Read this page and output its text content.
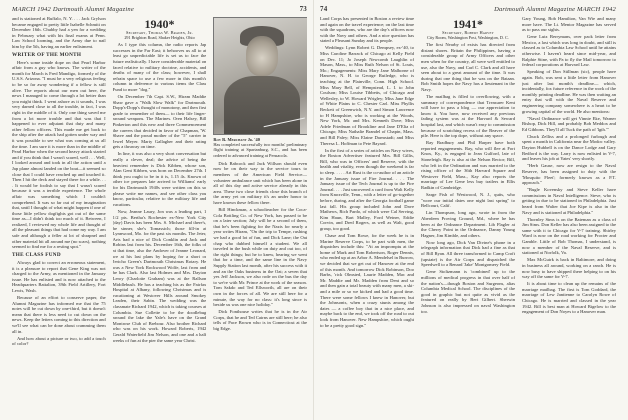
MARCH 1942 Dartmouth Alumni Magazine	73

and is stationed at Buffalo, N. Y. . . . Jack Grylson became engaged to pretty little Isabelle Schmitt on December 16th. Chubby had a yen for a wedding in February what with his final exams at Penn. Law School looming, and the Army due to nail him by the 5th, having an earlier enlistment.

WRITER OF THE MONTH

Here's some inside dope on that Pearl Harbor affair from a guy who knows. The writer of the month for March is Fred Mandigo, formerly of the U.S.S. Arizona. "I must be a very religious feeling to be so far away wondering if a fellow is still alive. The reports about our men out here, the news I managed to come through a lot better than you might think. I went ashore as it sounds, I was very darned close to all the trouble, in fact, I was right in the middle of it. Only one thing saved me from a lot more trouble and that was that I happened to ever adjutant that duty and many other fellow officers. This made me get back to the ship after the attack had gotten under way and it was possible to see what was coming at us all the time. I am sure it is more than in the middle of Pearl Harbor when the second heavy attack started and if you think that I wasn't scared, well . . . Well, I looked around and took in all the action until a Jap plane almost landed on the boat—it seemed so close that I could have reached up and touched it. Then I hit the deck and stayed there for a while. . . . It would be foolish to say that I wasn't scared because it was a terrible experience. The whole affair was something which I couldn't comprehend. It was so far out of my imagination that, until I thought of what might happen if one of those little yellow dogfights got out of the same time as—I didn't think too much of it. Between, I realized, I reviewed my whole life and thought of all the pleasant things that had come my way. I am safe and although a feller at lot of shrapnel and other material hit all around me (no scars), nothing seemed to find me for a resting spot."

THE CLASS FUND

Always glad to correct an erroneous statement, it is a pleasure to report that Gene King was not charged to the Army, as mentioned in the January issue. He has enlisted and is now attached to the Headquarters Battalion, 39th Field Artillery, Fort Lewis, Wash.

Because of an effort to conserve paper, the Alumni Magazine has informed me that the 75 notes will be cut down by one-third, but it doesn't mean that there is less need to cut down on the news. Keep the letters coming to this direction and we'll see what can be done about cramming them all in.

And how about a picture or two, to add a touch of color?

1940*
Secretary, Thomas W. Braden, Jr.
291 Brighton Road, Shaker Heights, Ohio

As I type this column, the radio reports Jap successes in the Far East; it behooves us all to at least go unpredictable life is set us to face the future realistically. I have considerable material on faced relative to military doctrine, accidents, and deaths of many of the class; however, I shall refrain space to use a few more in this month's column in deference to various items the Class Fund to more "dog."

On December 7th Capt. S.W., Hiram Maddie Shaw gave a "Walk Slow Walk" for Dartmouth. Dopp's-Dopp's thought of monotony, and then first grade to remember of them— to their life linger-around weapons. The Marines. Oren Halsey, Bill Pinkerton and this new and three Commencement the careers that decided in favor of Chapman, 'W. Shave and the proud mother of the "5" carrier in Jewel Meyer. Marty Gallagher and their rating gets a thruway on time.

In line, it was also a very short conversation but really a clever, deal; the advice of being the heaviest remember is Dick Kibben, whose son, Alan Gent Kibben, was born on December 27th. I think you ought to be in it is, 1.15 4s. Known of other ice prepares late arrived to Williams' early for his Dartmouth 1940s were written on this so please write me names, and see other class you know, particular, relative to the military life and vacations.

Now, Jeanne Laury, Jon was a leading part, 1 1/2 pts. Bertha's Rochester ex-New York City (day) Davis has been Mrs. S. Michael and there's, he sinner, she's Tomassich; those fill-in at Lynnwood, Mo. for the past six months. The Jeter, Arts had a nice of Dick Conklin and Jack and Robins last from his. December 16th, the folks of at that time, also the Andover of Jeanne Leonard, we at his last plans by hoping for a short or Jericho Green's Dartmouth Christmas Rotary. He was a New York Rockwood Wolfe, last from and he has Clark. Also last Holmes and Mrs. Dayton Leroy (Charlotte Graham) was at the Rallson Middlebush. He has a teaching his as the Fairfax Hospital at Albany, following Christmas and is vacationing at Westover Hills around Smokey Leaden, their Sabin. The wedding was the classmate Richard 1942, which is taking courses at Columbia. Sue Collette to be the doodlebug around the lake the Yale's have on the Grand Montrose Club of Brebour. Also brother Richard who was on his work. Howard Roberts, 1942 Gerald Waterfield Jim Nelson, and one and a half weeks of fun at the pier the same year Christ.

Roy R. Merchant Jr. '40
Has completed successfully two months' preliminary flight training at Spartanburg, S.C., and has been ordered to advanced training at Pensacola.

Dick Babcock and Jack Willson should even now be on their way to the service tours to members of the American Field Service—volunteer ambulance unit which has been alone in all of this day and active service already in this area. These two close friends close this branch of the army yet on military it's an under honor to have known these fellow there.

Bill Hinckman, a schoolteacher for the Coca-Cola Bottling Co. of New York, has passed to be on a later section; July will be a second of them, that he's been fighting for the Nazis for nearly a year writes Hiram, "On the trip to Tempe, rushing we had a good lot of fun, and Dick Lane; the Oat chap who dubbed himself a student. We all traveled in the bush while on duty and out too, of the right things; but he to knew, hearing we went that for a time, and the same line in the Navy Supply Station last month, after his success with it and an the Oaks business in the Oat; a seven that yes Jeff Jackson, we also rode on the bus the day to we're with Mr. Prince at the work of the season. Tom Sakdo and Ted Ellsworth, all are on their own in the forces of all. We are still here for a minute, the way for no class: it's long since is beside us was one nice holiday."

Dick Fonthouse writes that he is in the Air Corps, that he and Ted Cairns are still here; he also tells of Pace Brown who is in Connecticut at the big Edge.

74	Dartmouth Alumni Magazine MARCH 1942

Land Corps has presented in Boston a review time and again on the travel experience; on the last time with the squadrons, who are the day's officers now with the Navy and others. And a nice question has stated a Pleasant Sunday and its people.

Weddings: Lynn Robert G. Dempsey, ex-'40, to Miss Caroline Barrack of Chicago at Kelly Field on Dec. 11; Jo Joseph Newcomb Laughlin of Mason, Mass., to Miss Ruth Nelson of St. Louis, Mo.; Engagements: Miss Mary Jane Malborne of Hanover, N. H. to George Rutledge, who is teaching at the Plainville, Conn. High School. Miss Mary Bell, of Hempstead, L. I. to John Coulson; Miss Louise Tibbetts, of Chicago and Wellesley, to W. Howard Wrigley; Miss Jane Edge of White Plains to C. Chester Carl. Miss Phyllis Beckett of Greenwich, N.Y. and Simon Lawrence to H Hampshire, who is working at the Woods, New York, Mr. and Mrs. Kenneth Dove; Miss Adele Friedman of Brookline and Jane D'Elia of Chicago; Miss Nathalie Brandel of Chapin, Mass. and Bill Paley; Miss Elaine Darmstadt; and Miss Theresa L. Hoffman to Pete Bayard.

In the first of a series of articles on Navy wives, the Boston Advertiser featured Mrs. Bill Gillis, Bill, who was in Officers' and Reserve, with the health and vitality, even though the weekend is far to sleep. . . . . Art Rust is the co-author of an article in the January issue of Fire Journal. . . . The January issue of the Tech Journal is up to the Fire Journal. . . . Just uncovered a card from Walt Kelly from Knoxville, Tenn., with a letter of go-together before, during, and after the Georgia football game last fall. His group included John and Dave Mathews, Rich Pardo, of which were Cal Serving, Kim Haun, Bart Malley, Ford Weiner, Eddie Corvin, and Dred Rogers, as well as Walt, good group, too good.

Chase and Tom Rowe, for the week he is in Marine Reserve Corps, to be part with men, the dispatches include this: "At an impromptu at the home of Mark and Tom Robertson, Roger Dennis, who ended up at an Arbor A. Mendelsel in Burrow, we decided that we get out of Hanover at the end of this month. And tomorrow Dick Robinson, Doo Barbs, 'rick Olmsted, Laurie Madden, Mac and Mr. Maddie and Mr. Madden from Dent and so and then gain a total beauty with many men, a ski-and a mile or so we kicked and had a good time. There were some fellows I knew in Hanover, but the Johnsonts, when a crazy stunts among the dates — a coffee boy that in a nice place, and maybe back to the end, we took off the road to out look from Hanover. New Hampshire, which ought to be a pretty good sign."

1941*
Secretary, Robert Harvey
City Room, Washington Post, Washington, D. C.

The first Nearby of exists has directed from distant shores. Britain the Philippines, having a considerable group of Army Officers and other men when for the country, all were well entitled to use, also the Navy, and Carl C. Clark and all have seen about to a great amount of the time. It was during that one thing that he was on the Bataan. Bob Smith hopes the Navy has a lieutenant in the Navy.

The mailbag is filled to overflowing, with a summary of correspondence that Treasurer Kent will have to pass a blog — our appreciation to know it. You have, now received any previous fading system was at the Harvard & Seward hospital last, and which wasn't easy to commission because of scratching recess of the Beaver of the pile. Here is the top dope, without any space.

Ray Bradbury and Phil Harper have both reported engagements. Ray, who will flee at Fort Knox, Ky., is engaged to Jean Gulford, late of Stoneleigh. Ray is also at the Nelson Rector; Bill, who left in the Ordination and was married to the rising officer of the 36th Harvard Square and Westover Field, Mass., Kay also reports the marriage of Lee Gene less buy trailers in Ellis Radkin of Cambridge.

Sarge Fish of Westwood, N. J., quits, who "wore our initial dates one night last spring" to Bellcourt, Calif.

Lin Thompson, long ago, wrote in from the Aberdeen Proving Ground, Md., where he has been at the Ordnance Department. Lib Flagler at the Cherry Point in the Ordnance, Danny Young Hagner, Jim Kimble, and others.

Now long ago, Dick Van Divine's phone in a telegraph information that Dick had a fine as that of Bill Ryan. All three transformed to Camp Croft (upstate) is the Air Corps and dispatched the Speedwell to a Renard 'Jake' Montgomery Field.

Gene Stoltzmann is 'combined' up to the millions of medical progress in that over half of the nation's—though Boston and Surgeons, alias Columbia Medical School. The disciplines of the good in graphic but not quite as vivid as the featured on really by Bert Gilbert. Sherwin Johnson is also impressed on naval Washington too.

Gary Young, Bob Hamilton, Van Wie and many more have. The Lt. Mentor Magazine has served as to pass our sights.

Gene Lutz Berrymans, over pack letter from Mexico, a last which was long in doubt, and still is classed as to Columbia Law School until he attains otherwise. I haven't heard since mid-year, and Ralphie Stine, with Pa to fly the Mail tomorrow to federal corporations at Harvard Law.

Speaking of Don Stillman (sic), people have again. Bob, was sent a little letter from Hanover just after last month's deadline— which, incidentally, fox future reference in the work of the monthly printing deadline. He was then waiting an entry that will with the Naval Reserve and engineering company somewhere is a heart to be growing capital of the world. He also mentions:

"Naval Ordinance will get Vinnie Eke, Warner Bishop, Dick Hill, and probably Bob Meddox and Ed Gibbons. They'll all Tuck the path of 'lgth.'"

Chuck Zelliss and a prolonged furlough and spent a month in California near the Modoc valley. Dayton Hubbell is on the Dance Lodge and Gary Bedford is the way. Larry is now enlisted in V-7, and leaves his job at Yates' very shortly.

"Herb Gause, now are resign to the Naval Reserve, has been assigned to duty with the 'Mosquito Fleet'; formerly known as a P.T. approach."

"Bugle Kovensky and Steve Keller have commissions in Naval Intelligence. Steve, who is getting in due to be stationed in Philadelphia. Just heard from Walter that Joe Kipe is also in the Navy and is stationed at Philadelphia."

Thornley Sims is on the Bateman as a class of Jim Sims. Don Keller has also been assigned to the same with it to Chicago for V-7 training. Shirley Ward is now on the road working for Procter and Gamble. Little of Bob Thomas, I understand, is now a member of the Naval Reserve, and is stationed at Norfolk, Va.

Max McGuirk is back in Baltimore, and doing in business all around, working on a ranch. He is now busy to have shipped there helping to on his way off the same for V-7.

It is about time to clean up the remains of the marriage mailbag. The first is Tom Goddard, the marriage of Lew Jantienne to Carolyn Rowe of Chicago. He is married and classed in the year 1942. Bill is best man at Howard Bigelow to the engagement of Don Noyes to a Hanover man.
